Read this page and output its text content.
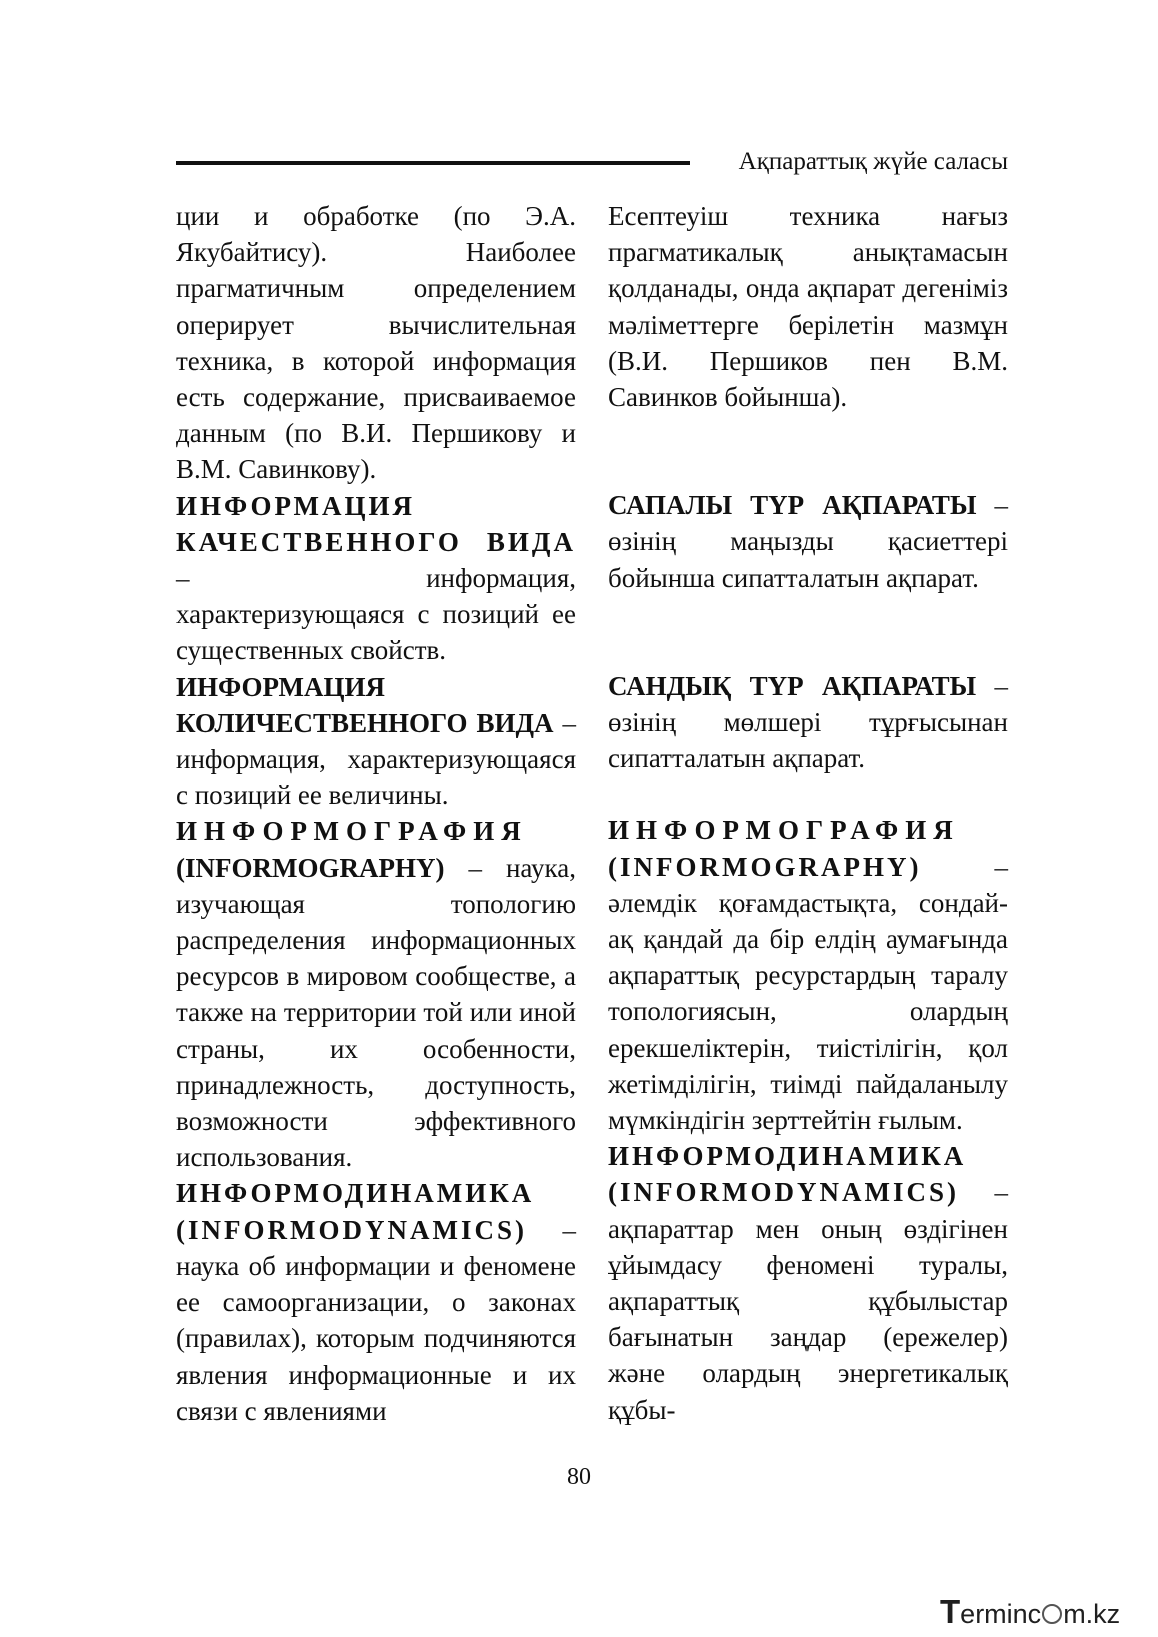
Ақпараттық жүйе саласы

ции и обработке (по Э.А. Якубайтису). Наиболее прагматичным определением оперирует вычислительная техника, в которой информация есть содержание, присваиваемое данным (по В.И. Першикову и В.М. Савинкову).

ИНФОРМАЦИЯ КАЧЕСТВЕННОГО ВИДА – информация, характеризующаяся с позиций ее существенных свойств.

ИНФОРМАЦИЯ КОЛИЧЕСТВЕННОГО ВИДА – информация, характеризующаяся с позиций ее величины.

ИНФОРМОГРАФИЯ (INFORMOGRAPHY) – наука, изучающая топологию распределения информационных ресурсов в мировом сообществе, а также на территории той или иной страны, их особенности, принадлежность, доступность, возможности эффективного использования.

ИНФОРМОДИНАМИКА (INFORMODYNAMICS) – наука об информации и феномене ее самоорганизации, о законах (правилах), которым подчиняются явления информационные и их связи с явлениями

Есептеуіш техника нағыз прагматикалық анықтамасын қолданады, онда ақпарат дегеніміз мәліметтерге берілетін мазмұн (В.И. Першиков пен В.М. Савинков бойынша).

САПАЛЫ ТҮР АҚПАРАТЫ – өзінің маңызды қасиеттері бойынша сипатталатын ақпарат.

САНДЫҚ ТҮР АҚПАРАТЫ – өзінің мөлшері тұрғысынан сипатталатын ақпарат.

ИНФОРМОГРАФИЯ (INFORMOGRAPHY) – әлемдік қоғамдастықта, сондай- ақ қандай да бір елдің аумағында ақпараттық ресурстардың таралу топологиясын, олардың ерекшеліктерін, тиістілігін, қол жетімділігін, тиімді пайдаланылу мүмкіндігін зерттейтін ғылым.

ИНФОРМОДИНАМИКА (INFORMODYNAMICS) – ақпараттар мен оның өздігінен ұйымдасу феномені туралы, ақпараттық құбылыстар бағынатын заңдар (ережелер) және олардың энергетикалық құбы-

80
Terminc m.kz
